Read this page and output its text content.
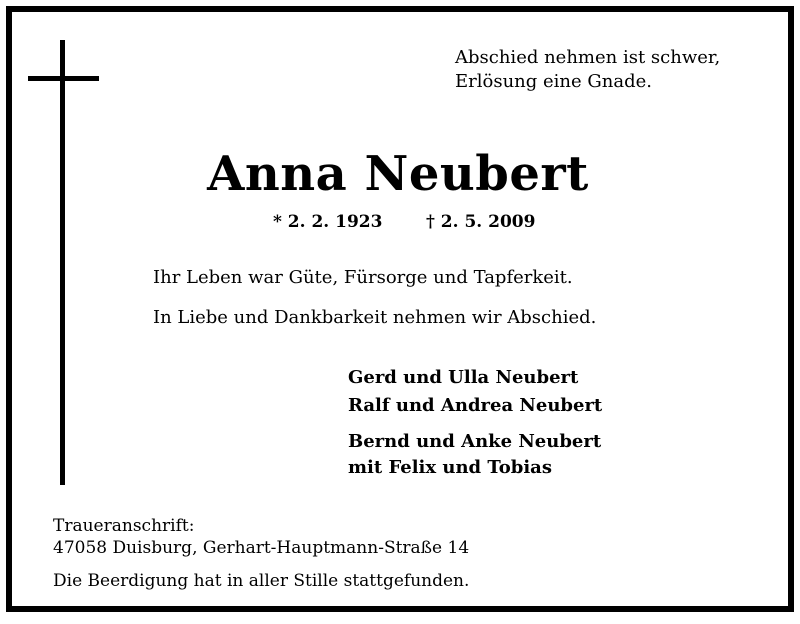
Abschied nehmen ist schwer,
Erlösung eine Gnade.
Anna Neubert
* 2. 2. 1923	† 2. 5. 2009
Ihr Leben war Güte, Fürsorge und Tapferkeit.
In Liebe und Dankbarkeit nehmen wir Abschied.
Gerd und Ulla Neubert
Ralf und Andrea Neubert
Bernd und Anke Neubert
mit Felix und Tobias
Traueranschrift:
47058 Duisburg, Gerhart-Hauptmann-Straße 14
Die Beerdigung hat in aller Stille stattgefunden.
